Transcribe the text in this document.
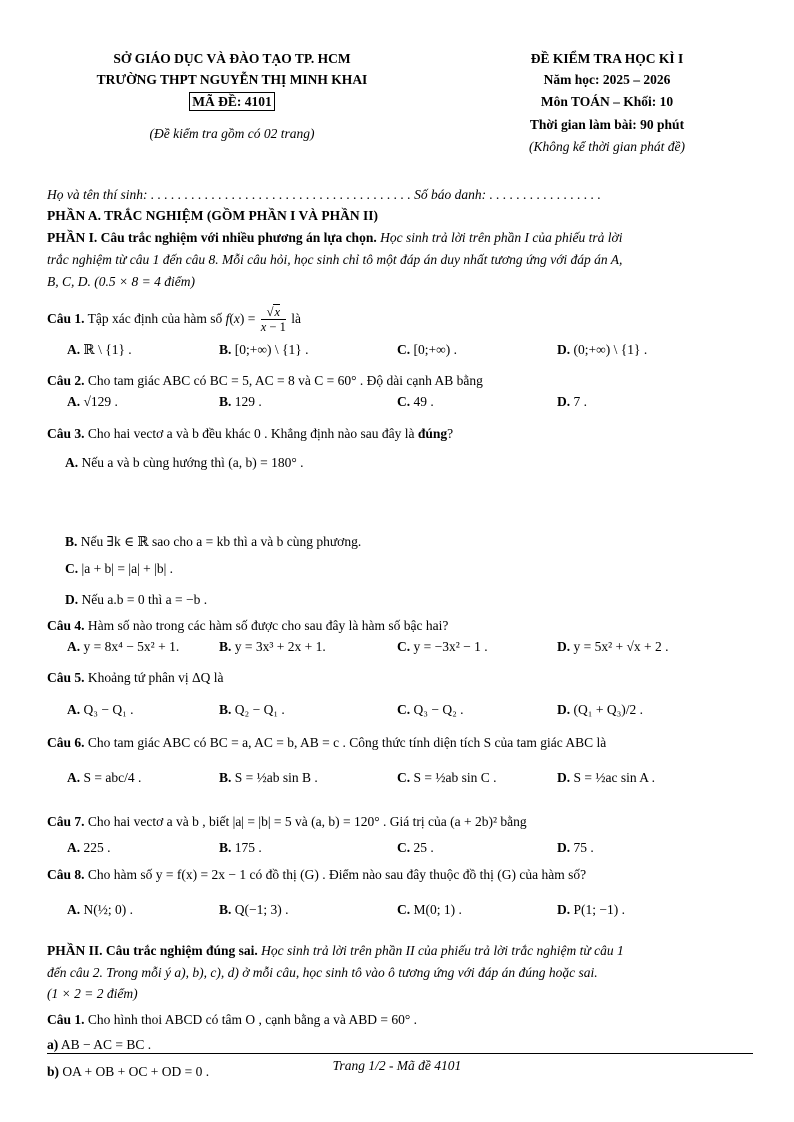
SỞ GIÁO DỤC VÀ ĐÀO TẠO TP. HCM
TRƯỜNG THPT NGUYỄN THỊ MINH KHAI
MÃ ĐỀ: 4101
(Đề kiểm tra gồm có 02 trang)
ĐỀ KIỂM TRA HỌC KÌ I
Năm học: 2025 – 2026
Môn TOÁN – Khối: 10
Thời gian làm bài: 90 phút
(Không kể thời gian phát đề)
Họ và tên thí sinh: . . . . . . . . . . . . . . . . . . . . . . . . . . . . . . . . . . . . . . . Số báo danh: . . . . . . . . . . . . . . . . .
PHẦN A. TRẮC NGHIỆM (GỒM PHẦN I VÀ PHẦN II)
PHẦN I. Câu trắc nghiệm với nhiều phương án lựa chọn. Học sinh trả lời trên phần I của phiếu trả lời
trắc nghiệm từ câu 1 đến câu 8. Mỗi câu hỏi, học sinh chỉ tô một đáp án duy nhất tương ứng với đáp án A,
B, C, D. (0.5 × 8 = 4 điểm)
Câu 1. Tập xác định của hàm số $f(x) = \frac{√x}{x - 1}$ là
A. ℝ \ {1} .	B. [0;+∞) \ {1} .	C. [0;+∞) .	D. (0;+∞) \ {1} .
Câu 2. Cho tam giác ABC có BC = 5, AC = 8 và C = 60° . Độ dài cạnh AB bằng
A. √129 .	B. 129 .	C. 49 .	D. 7 .
Câu 3. Cho hai vectơ a và b đều khác 0 . Khẳng định nào sau đây là đúng?
A. Nếu a và b cùng hướng thì (a, b) = 180° .
B. Nếu ∃k ∈ ℝ sao cho a = kb thì a và b cùng phương.
C. |a + b| = |a| + |b| .
D. Nếu a.b = 0 thì a = −b .
Câu 4. Hàm số nào trong các hàm số được cho sau đây là hàm số bậc hai?
A. y = 8x⁴ − 5x² + 1.	B. y = 3x³ + 2x + 1.	C. y = −3x² − 1 .	D. y = 5x² + √x + 2 .
Câu 5. Khoảng tứ phân vị ΔQ là
A. Q₃ − Q₁ .	B. Q₂ − Q₁ .	C. Q₃ − Q₂ .	D. (Q₁ + Q₃)/2 .
Câu 6. Cho tam giác ABC có BC = a, AC = b, AB = c . Công thức tính diện tích S của tam giác ABC là
A. S = abc/4 .	B. S = ½ab sin B .	C. S = ½ab sin C .	D. S = ½ac sin A .
Câu 7. Cho hai vectơ a và b , biết |a| = |b| = 5 và (a, b) = 120° . Giá trị của (a + 2b)² bằng
A. 225 .	B. 175 .	C. 25 .	D. 75 .
Câu 8. Cho hàm số y = f(x) = 2x − 1 có đồ thị (G) . Điểm nào sau đây thuộc đồ thị (G) của hàm số?
A. N(½; 0) .	B. Q(−1; 3) .	C. M(0; 1) .	D. P(1; −1) .
PHẦN II. Câu trắc nghiệm đúng sai. Học sinh trả lời trên phần II của phiếu trả lời trắc nghiệm từ câu 1
đến câu 2. Trong mỗi ý a), b), c), d) ở mỗi câu, học sinh tô vào ô tương ứng với đáp án đúng hoặc sai.
(1 × 2 = 2 điểm)
Câu 1. Cho hình thoi ABCD có tâm O , cạnh bằng a và ABD = 60° .
a) AB − AC = BC .
b) OA + OB + OC + OD = 0 .	Trang 1/2 - Mã đề 4101
